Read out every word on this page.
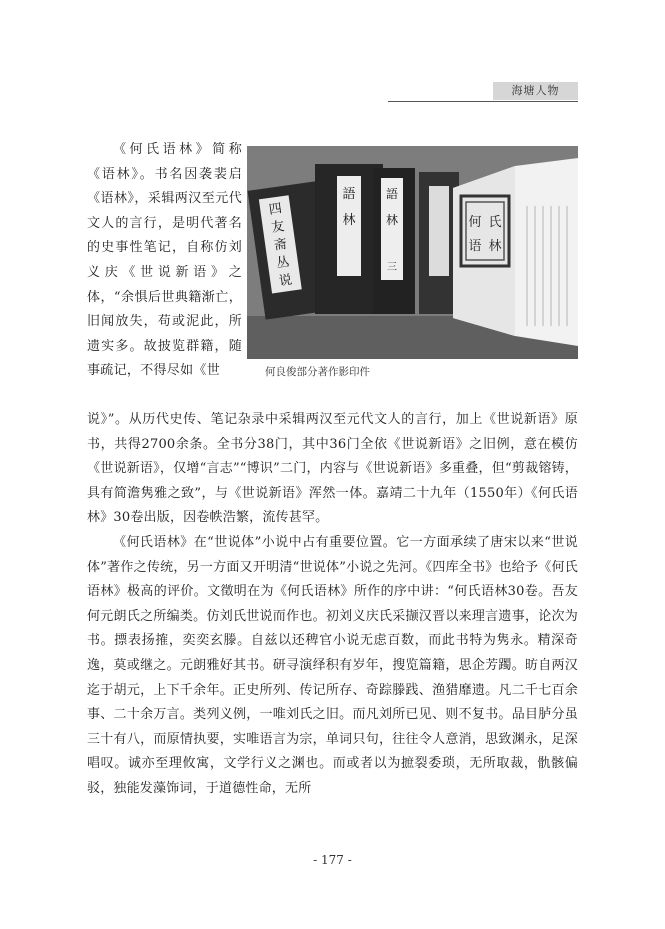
海塘人物
四
友
斋
丛
说
語
林
語
林
三
何 氏
语 林
何良俊部分著作影印件

《何氏语林》简称《语林》。书名因袭裴启《语林》，采辑两汉至元代文人的言行，是明代著名的史事性笔记，自称仿刘义庆《世说新语》之体，“余惧后世典籍渐亡，旧闻放失，苟或泥此，所遗实多。故披览群籍，随事疏记，不得尽如《世

说》”。从历代史传、笔记杂录中采辑两汉至元代文人的言行，加上《世说新语》原书，共得2700余条。全书分38门，其中36门全依《世说新语》之旧例，意在模仿《世说新语》，仅增“言志”“博识”二门，内容与《世说新语》多重叠，但“剪裁镕铸，具有简澹隽雅之致”，与《世说新语》浑然一体。嘉靖二十九年（1550年）《何氏语林》30卷出版，因卷帙浩繁，流传甚罕。

《何氏语林》在“世说体”小说中占有重要位置。它一方面承续了唐宋以来“世说体”著作之传统，另一方面又开明清“世说体”小说之先河。《四库全书》也给予《何氏语林》极高的评价。文徵明在为《何氏语林》所作的序中讲：“何氏语林30卷。吾友何元朗氏之所编类。仿刘氏世说而作也。初刘义庆氏采撷汉晋以来理言遗事，论次为书。摽表扬搉，奕奕玄滕。自兹以还稗官小说无虑百数，而此书特为隽永。精深奇逸，莫或继之。元朗雅好其书。研寻演绎积有岁年，搜览篇籍，思企芳躅。昉自两汉迄于胡元，上下千余年。正史所列、传记所存、奇踪滕践、渔猎靡遗。凡二千七百余事、二十余万言。类列义例，一唯刘氏之旧。而凡刘所已见、则不复书。品目胪分虽三十有八，而原情执要，实唯语言为宗，单词只句，往往令人意消，思致渊永，足深唱叹。诚亦至理攸寓，文学行义之渊也。而或者以为摭裂委琐，无所取裁，骩骸偏驳，独能发藻饰词，于道德性命，无所

- 177 -
